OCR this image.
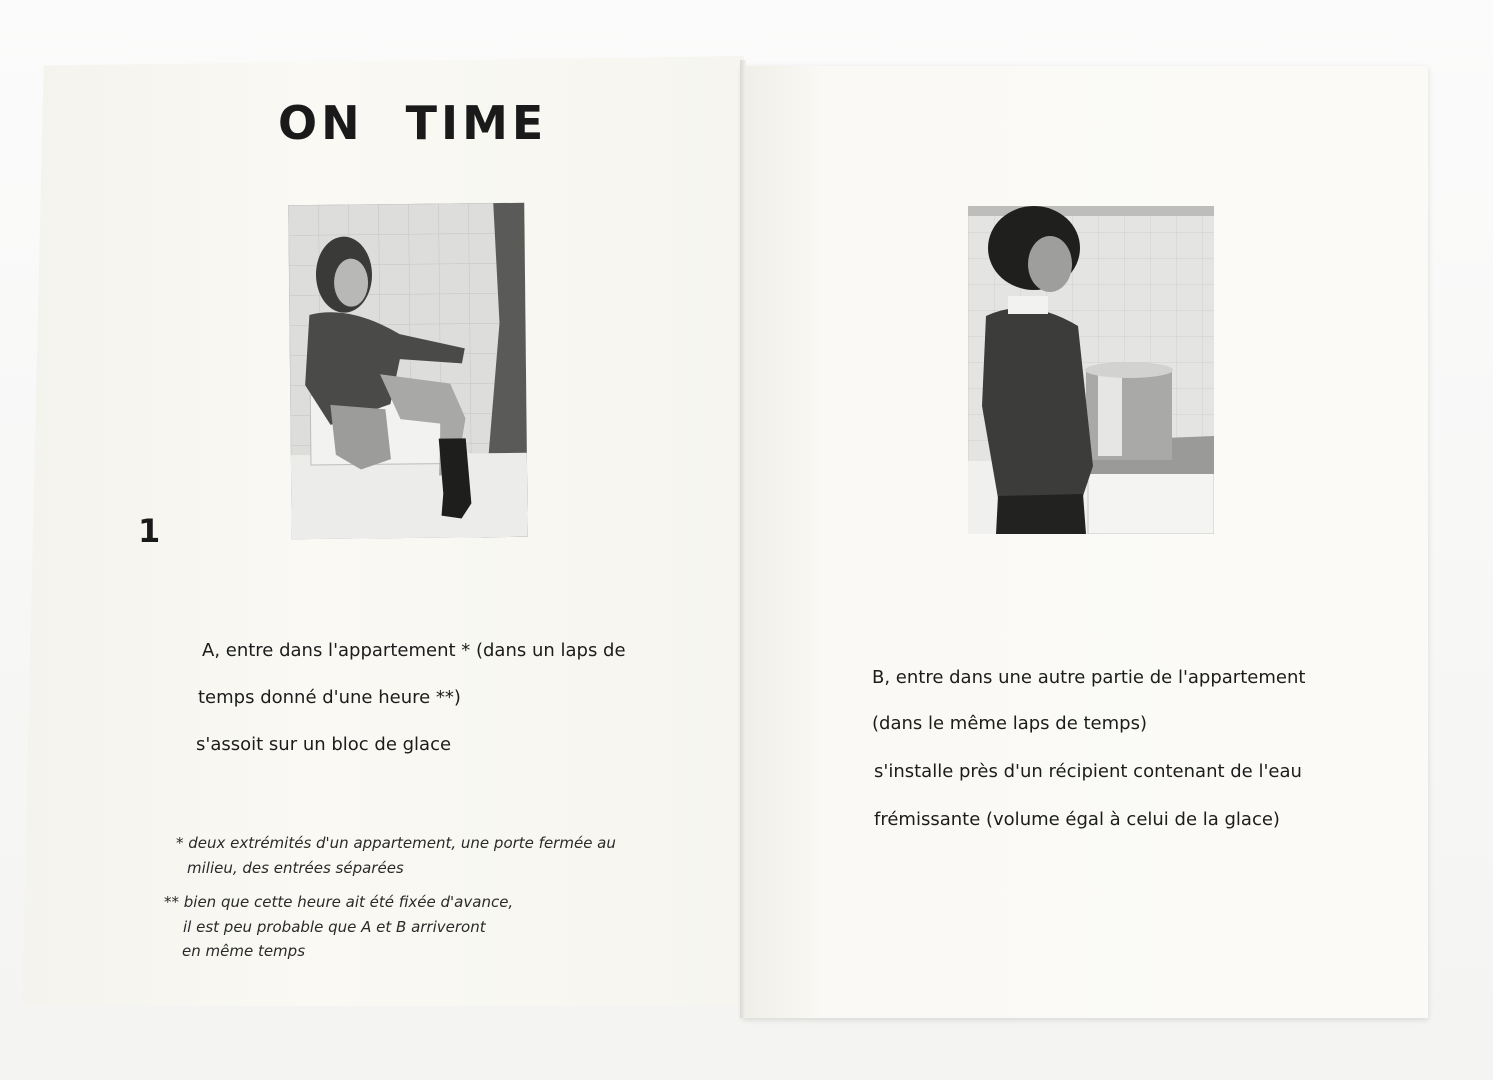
ON TIME
1
A, entre dans l'appartement * (dans un laps de
temps donné d'une heure **)
s'assoit sur un bloc de glace
* deux extrémités d'un appartement, une porte fermée au
milieu, des entrées séparées
** bien que cette heure ait été fixée d'avance,
il est peu probable que A et B arriveront
en même temps
B, entre dans une autre partie de l'appartement
(dans le même laps de temps)
s'installe près d'un récipient contenant de l'eau
frémissante (volume égal à celui de la glace)
